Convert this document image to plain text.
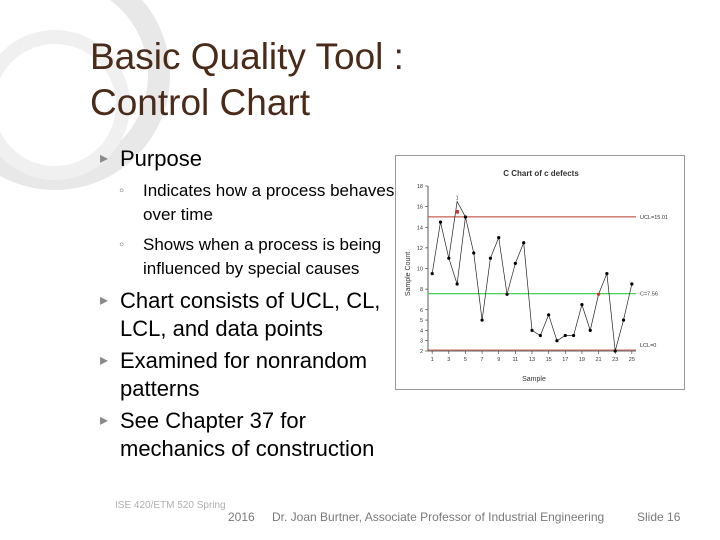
Basic Quality Tool :
Control Chart
▸ Purpose
◦ Indicates how a process behaves over time
◦ Shows when a process is being influenced by special causes
▸ Chart consists of UCL, CL, LCL, and data points
▸ Examined for nonrandom patterns
▸ See Chapter 37 for mechanics of construction
C Chart of c defects
Sample Count
Sample
2
3
4
5
6
8
10
12
14
16
18
1 3 5 7 9 11 13 15 17 19 21 23 25
UCL=15.01
C=7.56
LCL=0
1
ISE 420/ETM 520 Spring
2016 Dr. Joan Burtner, Associate Professor of Industrial Engineering	Slide 16
